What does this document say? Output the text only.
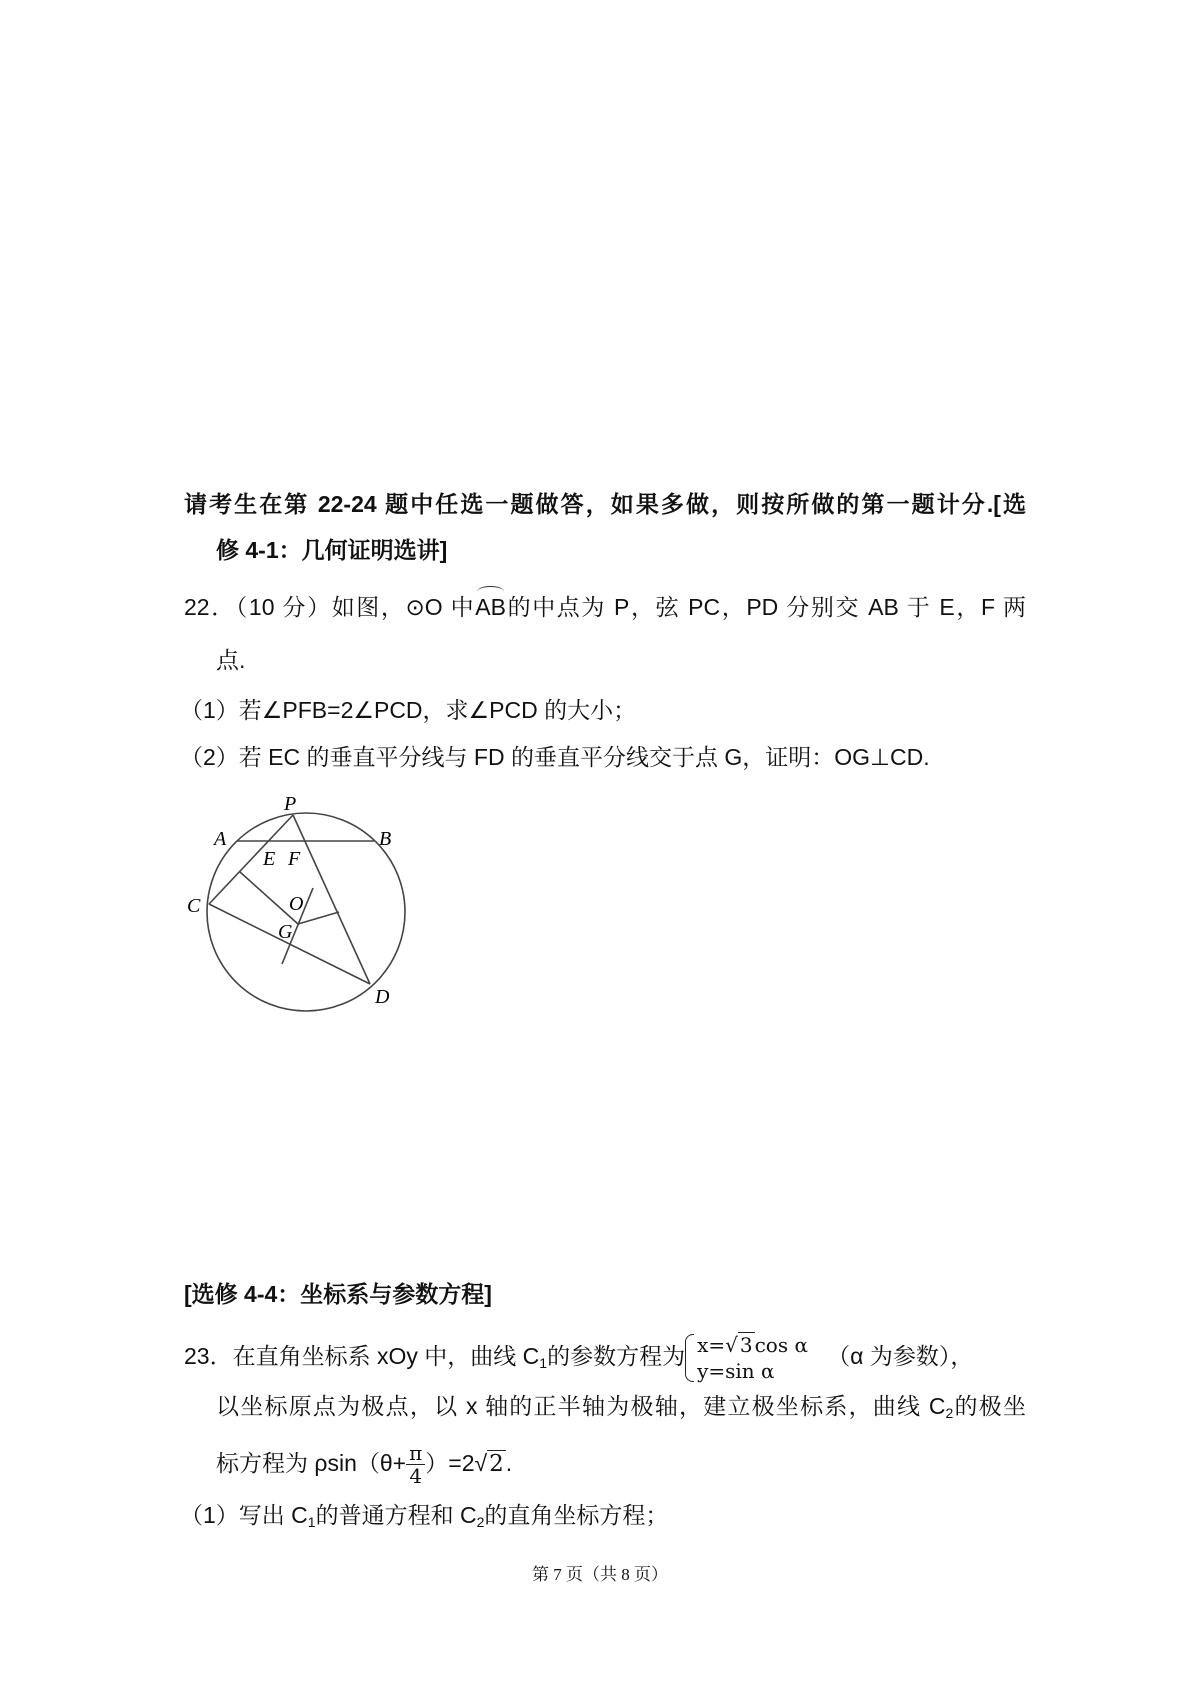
请考生在第 22-24 题中任选一题做答，如果多做，则按所做的第一题计分.[选
修 4-1：几何证明选讲]
22．（10 分）如图，⊙O 中AB的中点为 P，弦 PC，PD 分别交 AB 于 E，F 两
点.
（1）若∠PFB=2∠PCD，求∠PCD 的大小；
（2）若 EC 的垂直平分线与 FD 的垂直平分线交于点 G，证明：OG⊥CD.
P
A	B
E F
C	O
G
D
[选修 4-4：坐标系与参数方程]
23．在直角坐标系 xOy 中，曲线 $C_1$的参数方程为 x=√ 3 cos α
y=sin α
（α 为参数），
以坐标原点为极点，以 x 轴的正半轴为极轴，建立极坐标系，曲线 $C_2$的极坐
标方程为 $\rho\sin(\theta+ \frac{\pi}{4} )=2√2$.
（1）写出 $C_1$的普通方程和 $C_2$的直角坐标方程；
第 7 页（共 8 页）
